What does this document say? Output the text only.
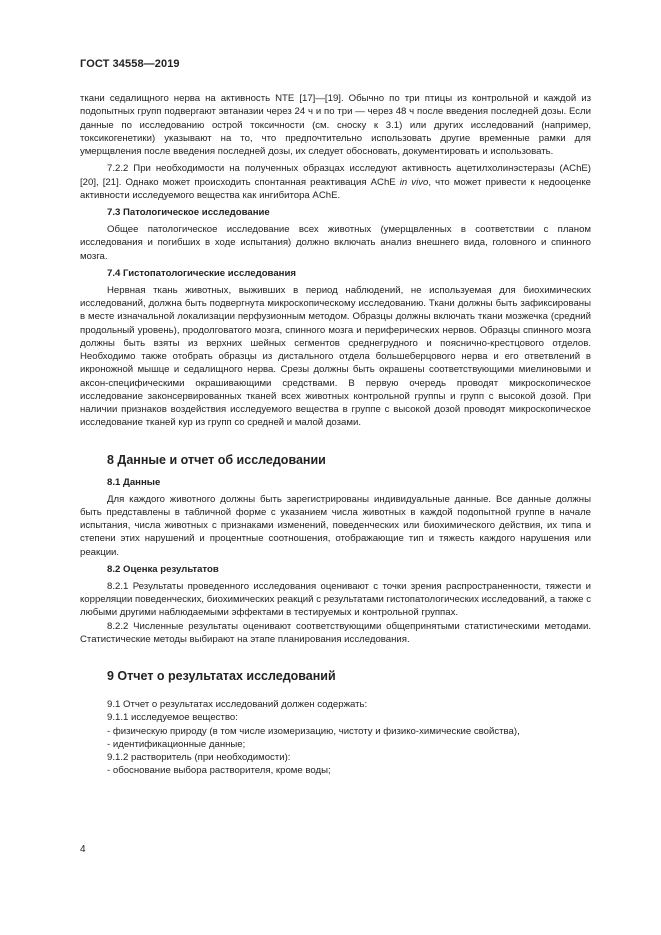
ГОСТ 34558—2019

ткани седалищного нерва на активность NTE [17]—[19]. Обычно по три птицы из контрольной и каждой из подопытных групп подвергают эвтаназии через 24 ч и по три — через 48 ч после введения последней дозы. Если данные по исследованию острой токсичности (см. сноску к 3.1) или других исследований (например, токсикогенетики) указывают на то, что предпочтительно использовать другие временные рамки для умерщвления после введения последней дозы, их следует обосновать, документировать и использовать.

7.2.2 При необходимости на полученных образцах исследуют активность ацетилхолинэстеразы (AChE) [20], [21]. Однако может происходить спонтанная реактивация AChE in vivo, что может привести к недооценке активности исследуемого вещества как ингибитора AChE.

7.3 Патологическое исследование

Общее патологическое исследование всех животных (умерщвленных в соответствии с планом исследования и погибших в ходе испытания) должно включать анализ внешнего вида, головного и спинного мозга.

7.4 Гистопатологические исследования

Нервная ткань животных, выживших в период наблюдений, не используемая для биохимических исследований, должна быть подвергнута микроскопическому исследованию. Ткани должны быть зафиксированы в месте изначальной локализации перфузионным методом. Образцы должны включать ткани мозжечка (средний продольный уровень), продолговатого мозга, спинного мозга и периферических нервов. Образцы спинного мозга должны быть взяты из верхних шейных сегментов среднегрудного и пояснично-крестцового отделов. Необходимо также отобрать образцы из дистального отдела большеберцового нерва и его ответвлений в икроножной мышце и седалищного нерва. Срезы должны быть окрашены соответствующими миелиновыми и аксон-специфическими окрашивающими средствами. В первую очередь проводят микроскопическое исследование законсервированных тканей всех животных контрольной группы и групп с высокой дозой. При наличии признаков воздействия исследуемого вещества в группе с высокой дозой проводят микроскопическое исследование тканей кур из групп со средней и малой дозами.

8 Данные и отчет об исследовании
8.1 Данные

Для каждого животного должны быть зарегистрированы индивидуальные данные. Все данные должны быть представлены в табличной форме с указанием числа животных в каждой подопытной группе в начале испытания, числа животных с признаками изменений, поведенческих или биохимического действия, их типа и степени этих нарушений и процентные соотношения, отображающие тип и тяжесть каждого нарушения или реакции.

8.2 Оценка результатов

8.2.1 Результаты проведенного исследования оценивают с точки зрения распространенности, тяжести и корреляции поведенческих, биохимических реакций с результатами гистопатологических исследований, а также с любыми другими наблюдаемыми эффектами в тестируемых и контрольной группах.

8.2.2 Численные результаты оценивают соответствующими общепринятыми статистическими методами. Статистические методы выбирают на этапе планирования исследования.

9 Отчет о результатах исследований

9.1 Отчет о результатах исследований должен содержать:

9.1.1 исследуемое вещество:

- физическую природу (в том числе изомеризацию, чистоту и физико-химические свойства),

- идентификационные данные;

9.1.2 растворитель (при необходимости):

- обоснование выбора растворителя, кроме воды;

4
